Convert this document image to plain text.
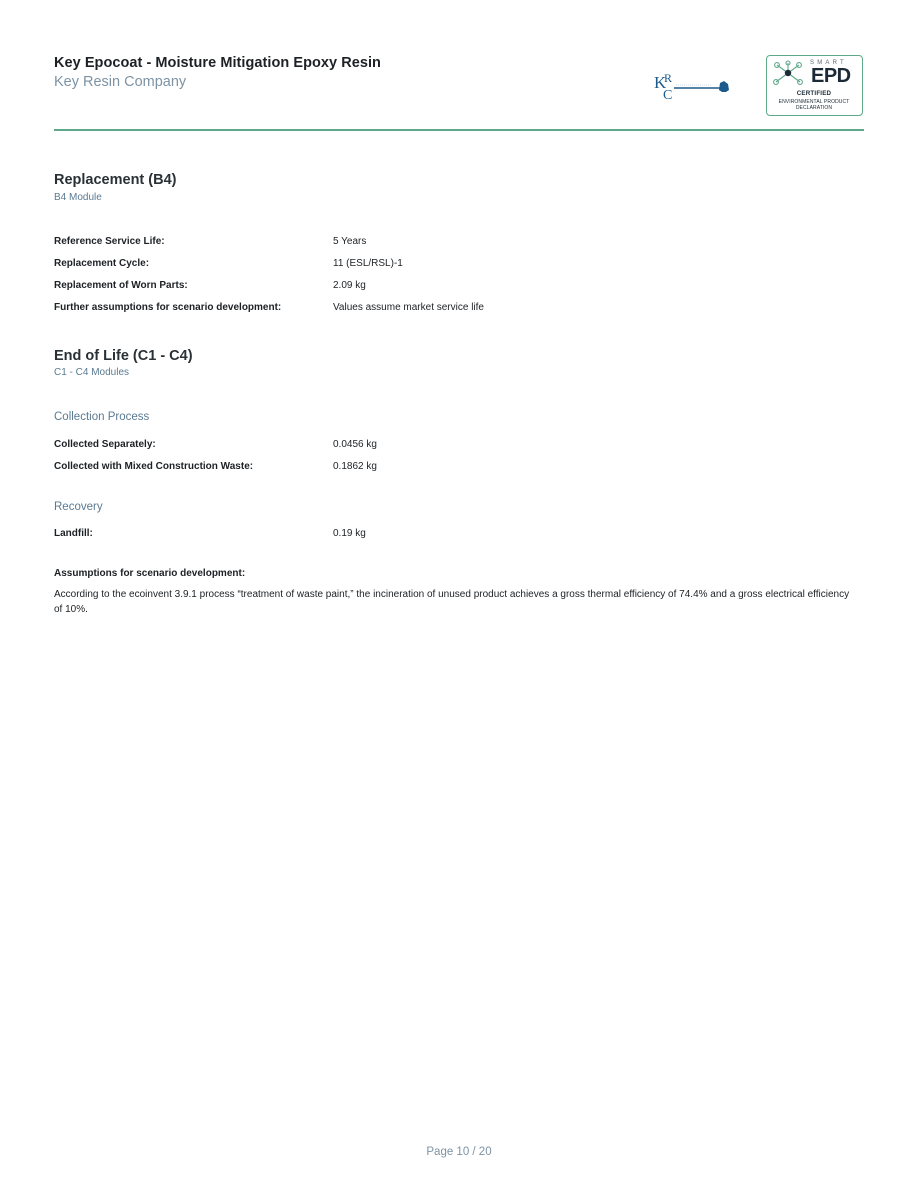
Key Epocoat - Moisture Mitigation Epoxy Resin
Key Resin Company	K
R
C
SMART
EPD
CERTIFIED
ENVIRONMENTAL PRODUCT
DECLARATION
Replacement (B4)
B4 Module
Reference Service Life:	5 Years
Replacement Cycle:	11 (ESL/RSL)-1
Replacement of Worn Parts:	2.09 kg
Further assumptions for scenario development:	Values assume market service life
End of Life (C1 - C4)
C1 - C4 Modules
Collection Process
Collected Separately:	0.0456 kg
Collected with Mixed Construction Waste:	0.1862 kg
Recovery
Landfill:	0.19 kg
Assumptions for scenario development:
According to the ecoinvent 3.9.1 process “treatment of waste paint,” the incineration of unused product achieves a gross thermal efficiency of 74.4% and a gross electrical efficiency of 10%.
Page 10 / 20
